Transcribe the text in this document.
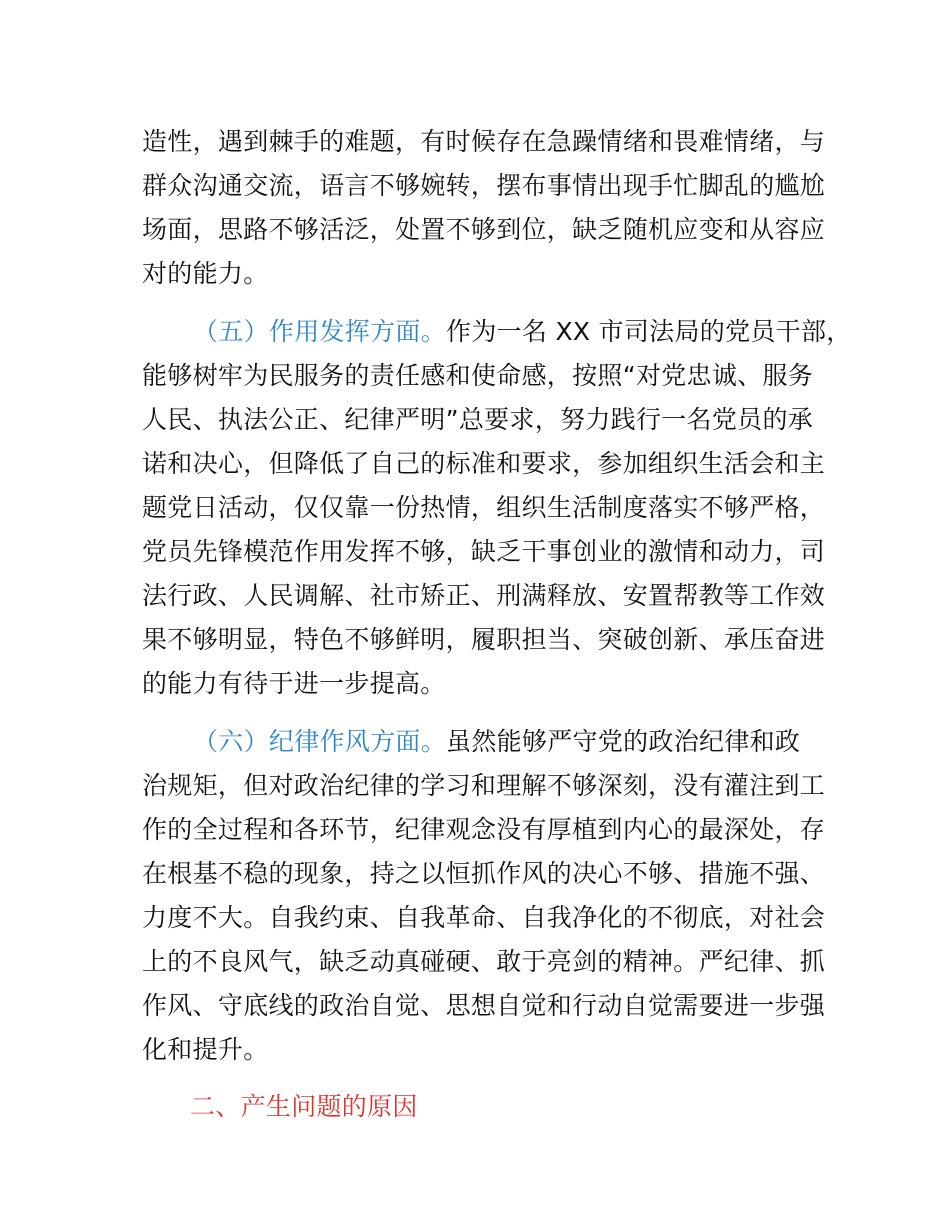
造性，遇到棘手的难题，有时候存在急躁情绪和畏难情绪，与
群众沟通交流，语言不够婉转，摆布事情出现手忙脚乱的尴尬
场面，思路不够活泛，处置不够到位，缺乏随机应变和从容应
对的能力。
（五）作用发挥方面。作为一名 XX 市司法局的党员干部，
能够树牢为民服务的责任感和使命感，按照“对党忠诚、服务
人民、执法公正、纪律严明”总要求，努力践行一名党员的承
诺和决心，但降低了自己的标准和要求，参加组织生活会和主
题党日活动，仅仅靠一份热情，组织生活制度落实不够严格，
党员先锋模范作用发挥不够，缺乏干事创业的激情和动力，司
法行政、人民调解、社市矫正、刑满释放、安置帮教等工作效
果不够明显，特色不够鲜明，履职担当、突破创新、承压奋进
的能力有待于进一步提高。
（六）纪律作风方面。虽然能够严守党的政治纪律和政
治规矩，但对政治纪律的学习和理解不够深刻，没有灌注到工
作的全过程和各环节，纪律观念没有厚植到内心的最深处，存
在根基不稳的现象，持之以恒抓作风的决心不够、措施不强、
力度不大。自我约束、自我革命、自我净化的不彻底，对社会
上的不良风气，缺乏动真碰硬、敢于亮剑的精神。严纪律、抓
作风、守底线的政治自觉、思想自觉和行动自觉需要进一步强
化和提升。
二、产生问题的原因
